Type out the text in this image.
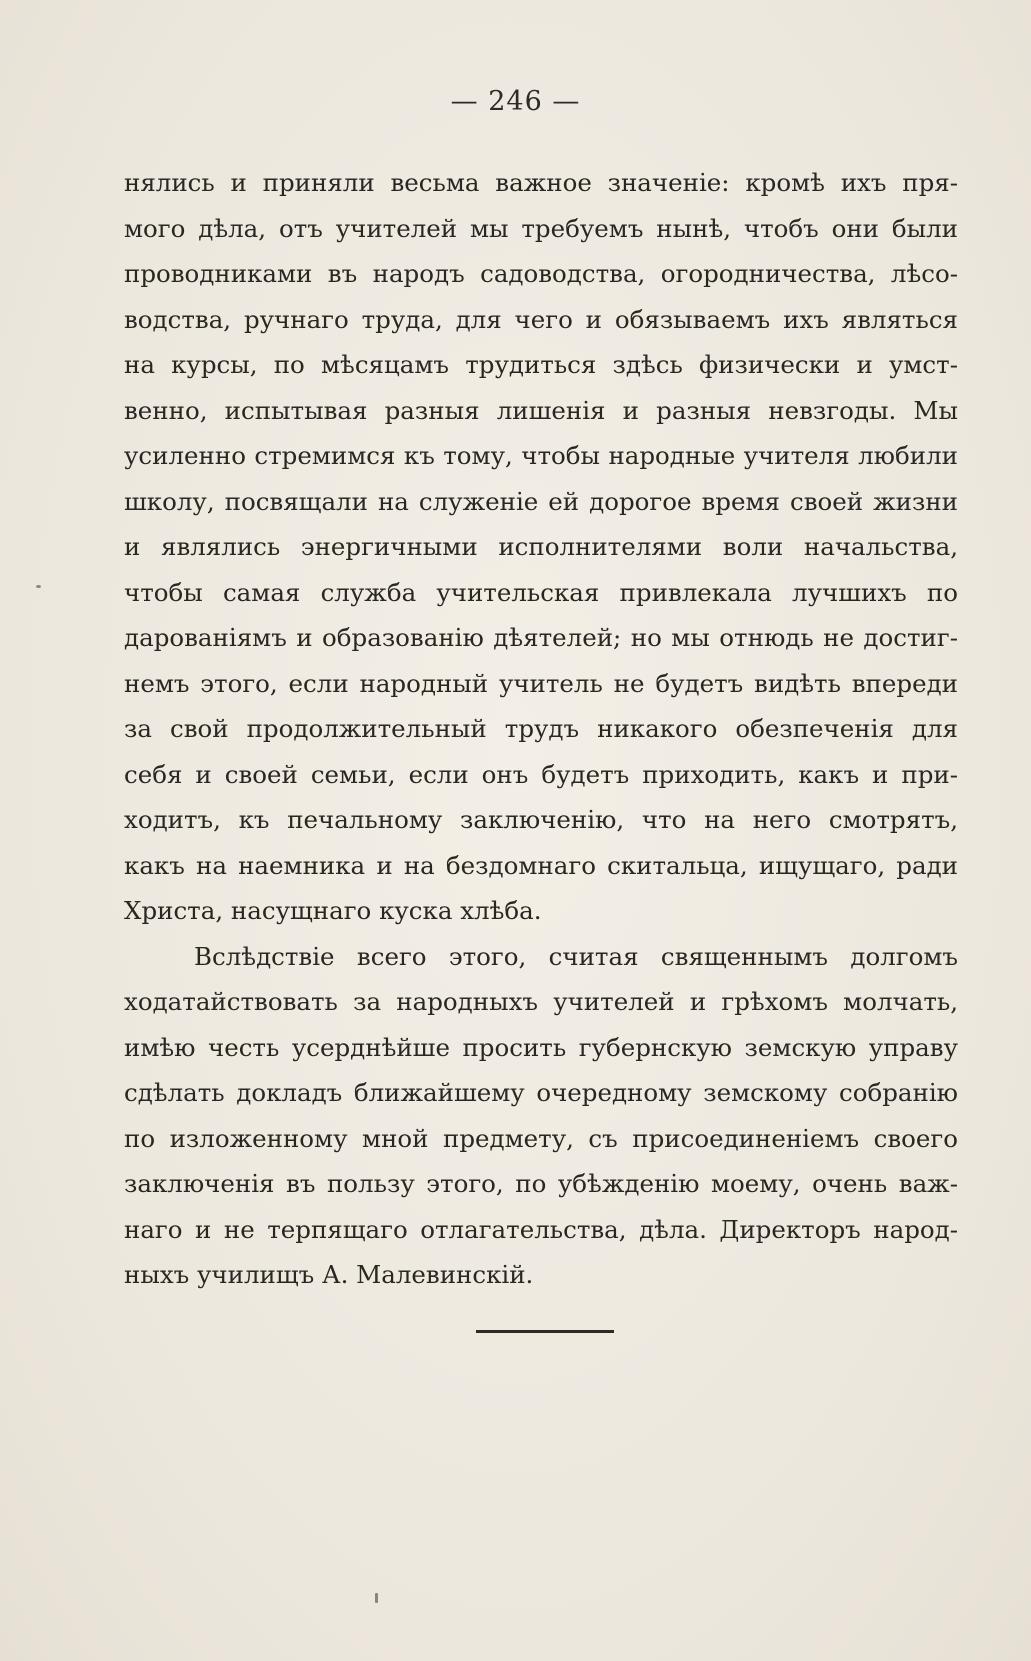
— 246 —
нялись и приняли весьма важное значеніе: кромѣ ихъ пря-
мого дѣла, отъ учителей мы требуемъ нынѣ, чтобъ они были
проводниками въ народъ садоводства, огородничества, лѣсо-
водства, ручнаго труда, для чего и обязываемъ ихъ являться
на курсы, по мѣсяцамъ трудиться здѣсь физически и умст-
венно, испытывая разныя лишенія и разныя невзгоды. Мы
усиленно стремимся къ тому, чтобы народные учителя любили
школу, посвящали на служеніе ей дорогое время своей жизни
и являлись энергичными исполнителями воли начальства,
чтобы самая служба учительская привлекала лучшихъ по
дарованіямъ и образованію дѣятелей; но мы отнюдь не достиг-
немъ этого, если народный учитель не будетъ видѣть впереди
за свой продолжительный трудъ никакого обезпеченія для
себя и своей семьи, если онъ будетъ приходить, какъ и при-
ходитъ, къ печальному заключенію, что на него смотрятъ,
какъ на наемника и на бездомнаго скитальца, ищущаго, ради
Христа, насущнаго куска хлѣба.
Вслѣдствіе всего этого, считая священнымъ долгомъ
ходатайствовать за народныхъ учителей и грѣхомъ молчать,
имѣю честь усерднѣйше просить губернскую земскую управу
сдѣлать докладъ ближайшему очередному земскому собранію
по изложенному мной предмету, съ присоединеніемъ своего
заключенія въ пользу этого, по убѣжденію моему, очень важ-
наго и не терпящаго отлагательства, дѣла. Директоръ народ-
ныхъ училищъ А. Малевинскій.
